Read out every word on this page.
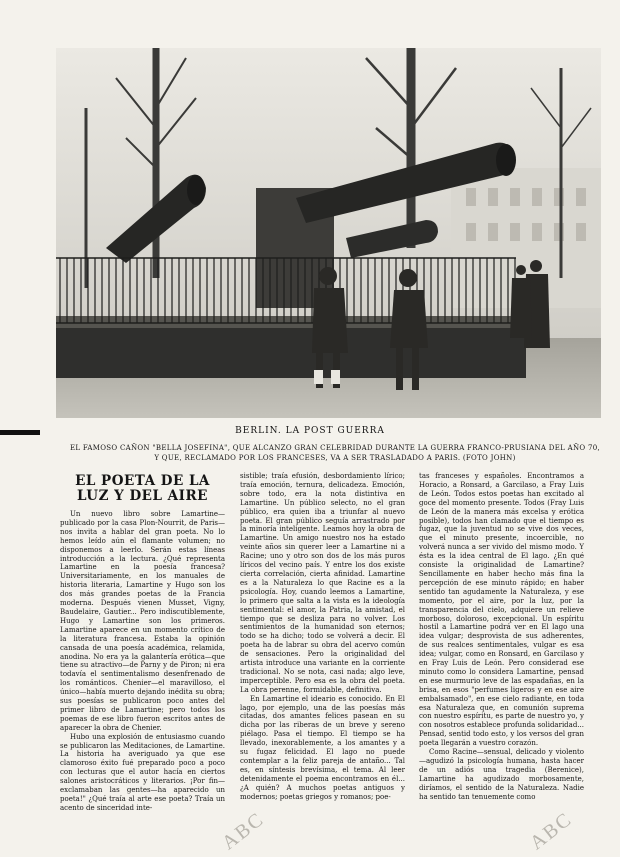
ABC	ABC
BERLIN. LA POST GUERRA
EL FAMOSO CAÑON "BELLA JOSEFINA", QUE ALCANZO GRAN CELEBRIDAD DURANTE LA GUERRA FRANCO-PRUSIANA DEL AÑO 70,
Y QUE, RECLAMADO POR LOS FRANCESES, VA A SER TRASLADADO A PARIS. (FOTO JOHN)
EL POETA DE LA LUZ Y DEL AIRE

Un nuevo libro sobre Lamartine—publicado por la casa Plon-Nourrit, de Paris—nos invita a hablar del gran poeta. No lo hemos leído aún el flamante volumen; no disponemos a leerlo. Serán estas líneas introducción a la lectura. ¿Qué representa Lamartine en la poesía francesa? Universitariamente, en los manuales de historia literaria, Lamartine y Hugo son los dos más grandes poetas de la Francia moderna. Después vienen Musset, Vigny, Baudelaire, Gautier... Pero indiscutiblemente, Hugo y Lamartine son los primeros. Lamartine aparece en un momento crítico de la literatura francesa. Estaba la opinión cansada de una poesía académica, relamida, anodina. No era ya la galantería erótica—que tiene su atractivo—de Parny y de Piron; ni era todavía el sentimentalismo desenfrenado de los románticos. Chenier—el maravilloso, el único—había muerto dejando inédita su obra; sus poesías se publicaron poco antes del primer libro de Lamartine; pero todos los poemas de ese libro fueron escritos antes de aparecer la obra de Chenier.

Hubo una explosión de entusiasmo cuando se publicaron las Meditaciones, de Lamartine. La historia ha averiguado ya que ese clamoroso éxito fué preparado poco a poco con lecturas que el autor hacía en ciertos salones aristocráticos y literarios. ¡Por fin—exclamaban las gentes—ha aparecido un poeta!" ¿Qué traía al arte ese poeta? Traía un acento de sinceridad inte-

sistible; traía efusión, desbordamiento lírico; traía emoción, ternura, delicadeza. Emoción, sobre todo, era la nota distintiva en Lamartine. Un público selecto, no el gran público, era quien iba a triunfar al nuevo poeta. El gran público seguía arrastrado por la minoría inteligente. Leamos hoy la obra de Lamartine. Un amigo nuestro nos ha estado veinte años sin querer leer a Lamartine ni a Racine; uno y otro son dos de los más puros líricos del vecino país. Y entre los dos existe cierta correlación, cierta afinidad. Lamartine es a la Naturaleza lo que Racine es a la psicología. Hoy, cuando leemos a Lamartine, lo primero que salta a la vista es la ideología sentimental: el amor, la Patria, la amistad, el tiempo que se desliza para no volver. Los sentimientos de la humanidad son eternos; todo se ha dicho; todo se volverá a decir. El poeta ha de labrar su obra del acervo común de sensaciones. Pero la originalidad del artista introduce una variante en la corriente tradicional. No se nota, casi nada; algo leve, imperceptible. Pero esa es la obra del poeta. La obra perenne, formidable, definitiva.

En Lamartine el ideario es conocido. En El lago, por ejemplo, una de las poesías más citadas, dos amantes felices pasean en su dicha por las riberas de un breve y sereno piélago. Pasa el tiempo. El tiempo se ha llevado, inexorablemente, a los amantes y a su fugaz felicidad. El lago no puede contemplar a la feliz pareja de antaño... Tal es, en síntesis brevísima, el tema. Al leer detenidamente el poema encontramos en él... ¿A quién? A muchos poetas antiguos y modernos; poetas griegos y romanos; poe-

tas franceses y españoles. Encontramos a Horacio, a Ronsard, a Garcilaso, a Fray Luis de León. Todos estos poetas han excitado al goce del momento presente. Todos (Fray Luis de León de la manera más excelsa y erótica posible), todos han clamado que el tiempo es fugaz, que la juventud no se vive dos veces, que el minuto presente, incoercible, no volverá nunca a ser vivido del mismo modo. Y ésta es la idea central de El lago. ¿En qué consiste la originalidad de Lamartine? Sencillamente en haber hecho más fina la percepción de ese minuto rápido; en haber sentido tan agudamente la Naturaleza, y ese momento, por el aire, por la luz, por la transparencia del cielo, adquiere un relieve morboso, doloroso, excepcional. Un espíritu hostil a Lamartine podrá ver en El lago una idea vulgar; desprovista de sus adherentes, de sus realces sentimentales, vulgar es esa idea; vulgar, como en Ronsard, en Garcilaso y en Fray Luis de León. Pero considerad ese minuto como lo considera Lamartine, pensad en ese murmurio leve de las espadañas, en la brisa, en esos "perfumes ligeros y en ese aire embalsamado", en ese cielo radiante, en toda esa Naturaleza que, en comunión suprema con nuestro espíritu, es parte de nuestro yo, y con nosotros establece profunda solidaridad... Pensad, sentid todo esto, y los versos del gran poeta llegarán a vuestro corazón.

Como Racine—sensual, delicado y violento—agudizó la psicología humana, hasta hacer de un adiós una tragedia (Berenice), Lamartine ha agudizado morbosamente, diríamos, el sentido de la Naturaleza. Nadie ha sentido tan tenuemente como
